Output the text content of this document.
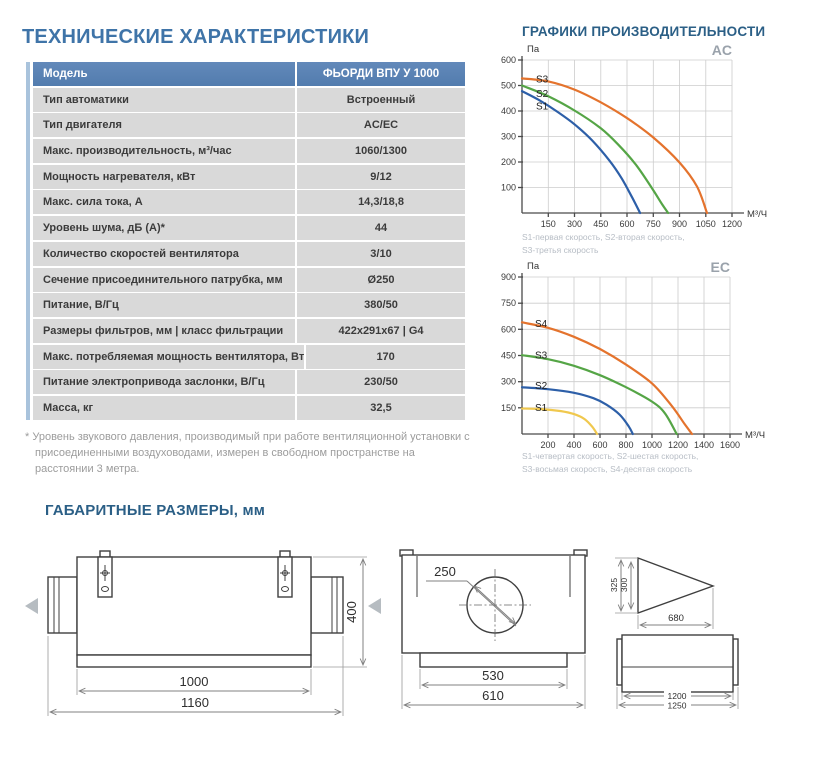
ТЕХНИЧЕСКИЕ ХАРАКТЕРИСТИКИ
Модель	ФЬОРДИ ВПУ У 1000
Тип автоматики	Встроенный
Тип двигателя	AC/EC
Макс. производительность, м³/час	1060/1300
Мощность нагревателя, кВт	9/12
Макс. сила тока, А	14,3/18,8
Уровень шума, дБ (А)*	44
Количество скоростей вентилятора	3/10
Сечение присоединительного патрубка, мм	Ø250
Питание, В/Гц	380/50
Размеры фильтров, мм | класс фильтрации	422x291x67 | G4
Макс. потребляемая мощность вентилятора, Вт	170
Питание электропривода заслонки, В/Гц	230/50
Масса, кг	32,5

* Уровень звукового давления, производимый при работе вентиляционной установки с присоединенными воздуховодами, измерен в свободном пространстве на расстоянии 3 метра.

ГРАФИКИ ПРОИЗВОДИТЕЛЬНОСТИ
100
200
300
400
500
600
150 300 450 600 750 900 1050 1200
Па
М³/Ч
AC
S3
S2
S1
S1-первая скорость, S2-вторая скорость,
S3-третья скорость
150
300
450
600
750
900
200 400 600 800 1000 1200 1400 1600
Па
М³/Ч
EC
S4
S3
S2
S1
S1-четвертая скорость, S2-шестая скорость,
S3-восьмая скорость, S4-десятая скорость
ГАБАРИТНЫЕ РАЗМЕРЫ, мм
1000
1160
400
250
530
610
325 300
680
1200
1250
